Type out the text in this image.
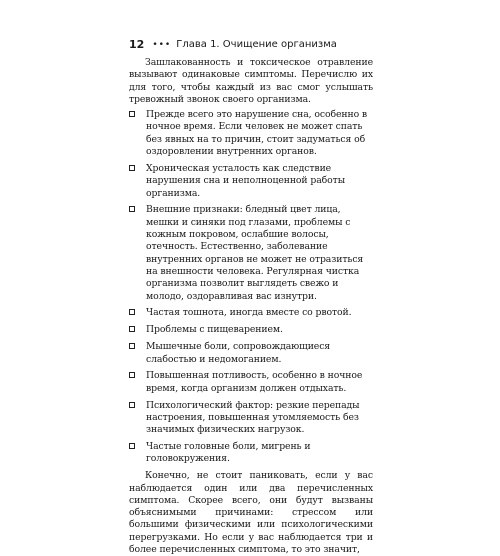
12 ••• Глава 1. Очищение организма

Зашлакованность и токсическое отравление вызывают одинаковые симптомы. Перечислю их для того, чтобы каждый из вас смог услышать тревожный звонок своего организма.

Прежде всего это нарушение сна, особенно в ночное время. Если человек не может спать без явных на то причин, стоит задуматься об оздоровлении внутренних органов.
Хроническая усталость как следствие нарушения сна и неполноценной работы организма.
Внешние признаки: бледный цвет лица, мешки и синяки под глазами, проблемы с кожным покровом, ослабшие волосы, отечность. Естественно, заболевание внутренних органов не может не отразиться на внешности человека. Регулярная чистка организма позволит выглядеть свежо и молодо, оздоравливая вас изнутри.
Частая тошнота, иногда вместе со рвотой.
Проблемы с пищеварением.
Мышечные боли, сопровождающиеся слабостью и недомоганием.
Повышенная потливость, особенно в ночное время, когда организм должен отдыхать.
Психологический фактор: резкие перепады настроения, повышенная утомляемость без значимых физических нагрузок.
Частые головные боли, мигрень и головокружения.

Конечно, не стоит паниковать, если у вас наблюдается один или два перечисленных симптома. Скорее всего, они будут вызваны объяснимыми причинами: стрессом или большими физическими или психологическими перегрузками. Но если у вас наблюдается три и более перечисленных симптома, то это значит,
